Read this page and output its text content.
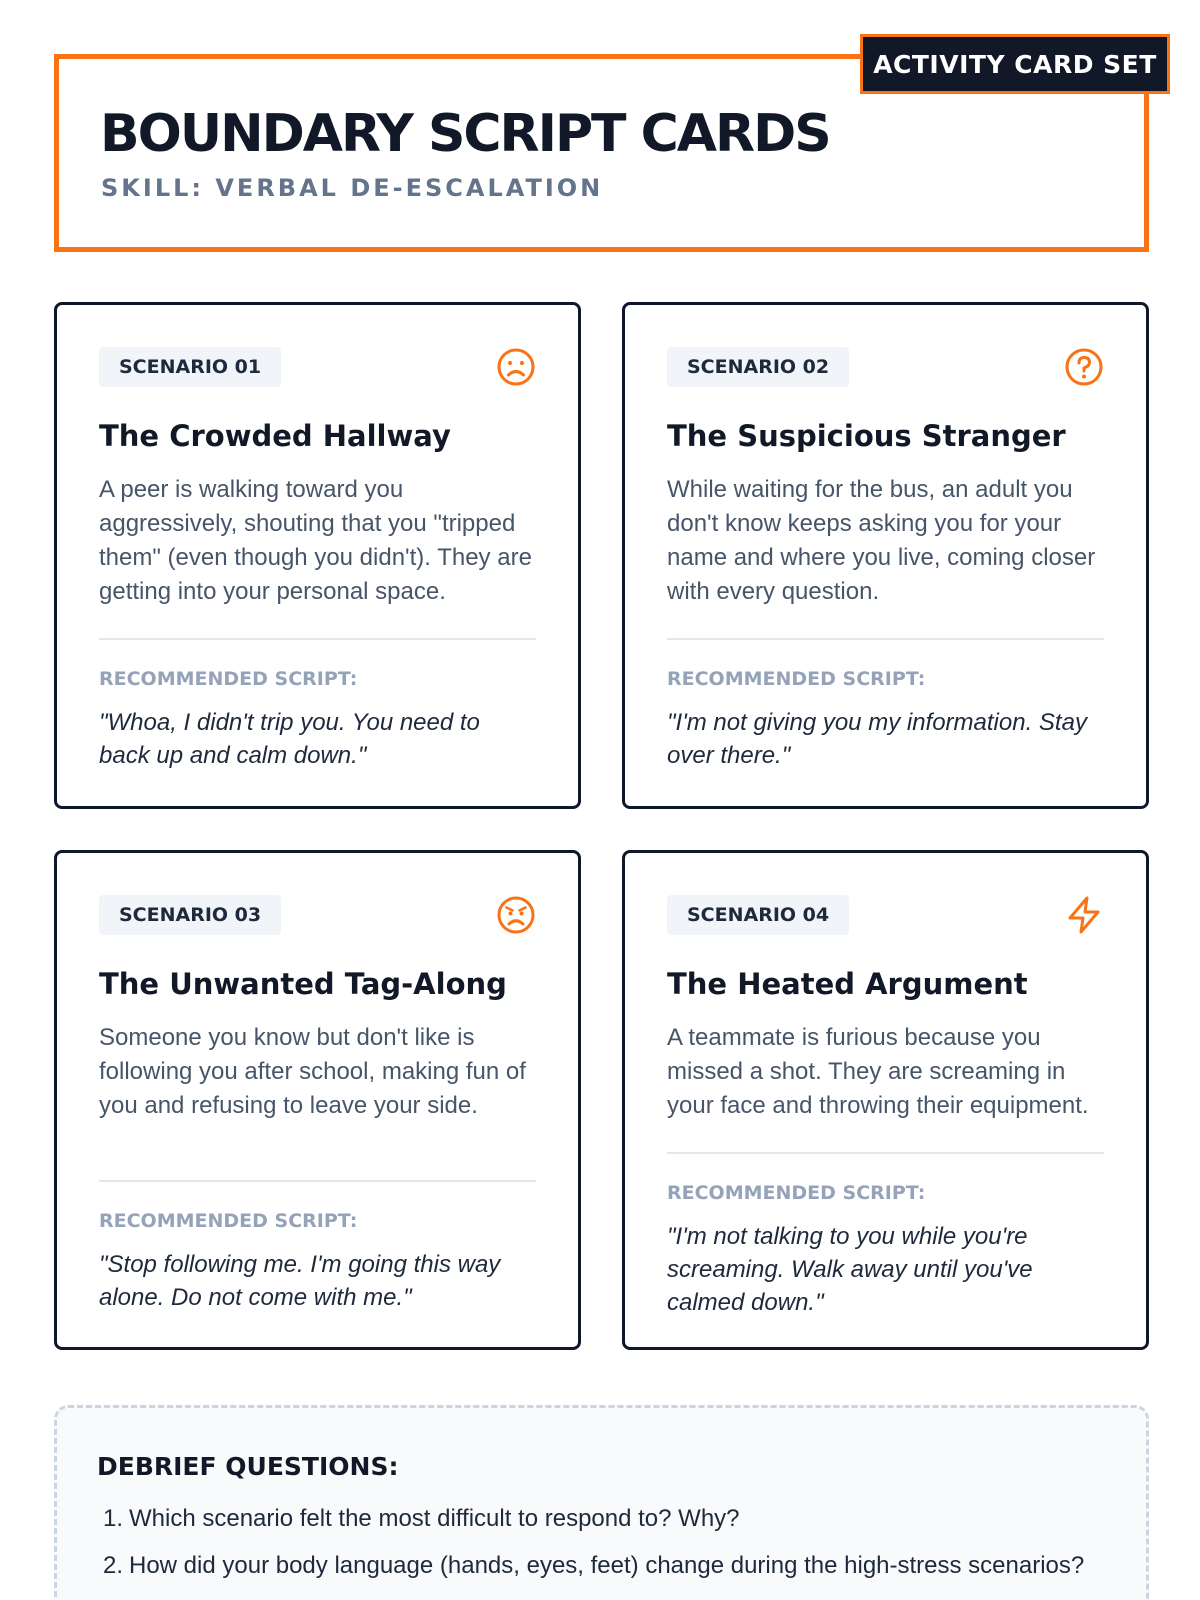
ACTIVITY CARD SET
BOUNDARY SCRIPT CARDS
SKILL: VERBAL DE-ESCALATION
SCENARIO 01
The Crowded Hallway
A peer is walking toward you aggressively, shouting that you "tripped them" (even though you didn't). They are getting into your personal space.
RECOMMENDED SCRIPT:
"Whoa, I didn't trip you. You need to back up and calm down."
SCENARIO 02
The Suspicious Stranger
While waiting for the bus, an adult you don't know keeps asking you for your name and where you live, coming closer with every question.
RECOMMENDED SCRIPT:
"I'm not giving you my information. Stay over there."
SCENARIO 03
The Unwanted Tag-Along
Someone you know but don't like is following you after school, making fun of you and refusing to leave your side.
RECOMMENDED SCRIPT:
"Stop following me. I'm going this way alone. Do not come with me."
SCENARIO 04
The Heated Argument
A teammate is furious because you missed a shot. They are screaming in your face and throwing their equipment.
RECOMMENDED SCRIPT:
"I'm not talking to you while you're screaming. Walk away until you've calmed down."
DEBRIEF QUESTIONS:
1. Which scenario felt the most difficult to respond to? Why?
2. How did your body language (hands, eyes, feet) change during the high-stress scenarios?
